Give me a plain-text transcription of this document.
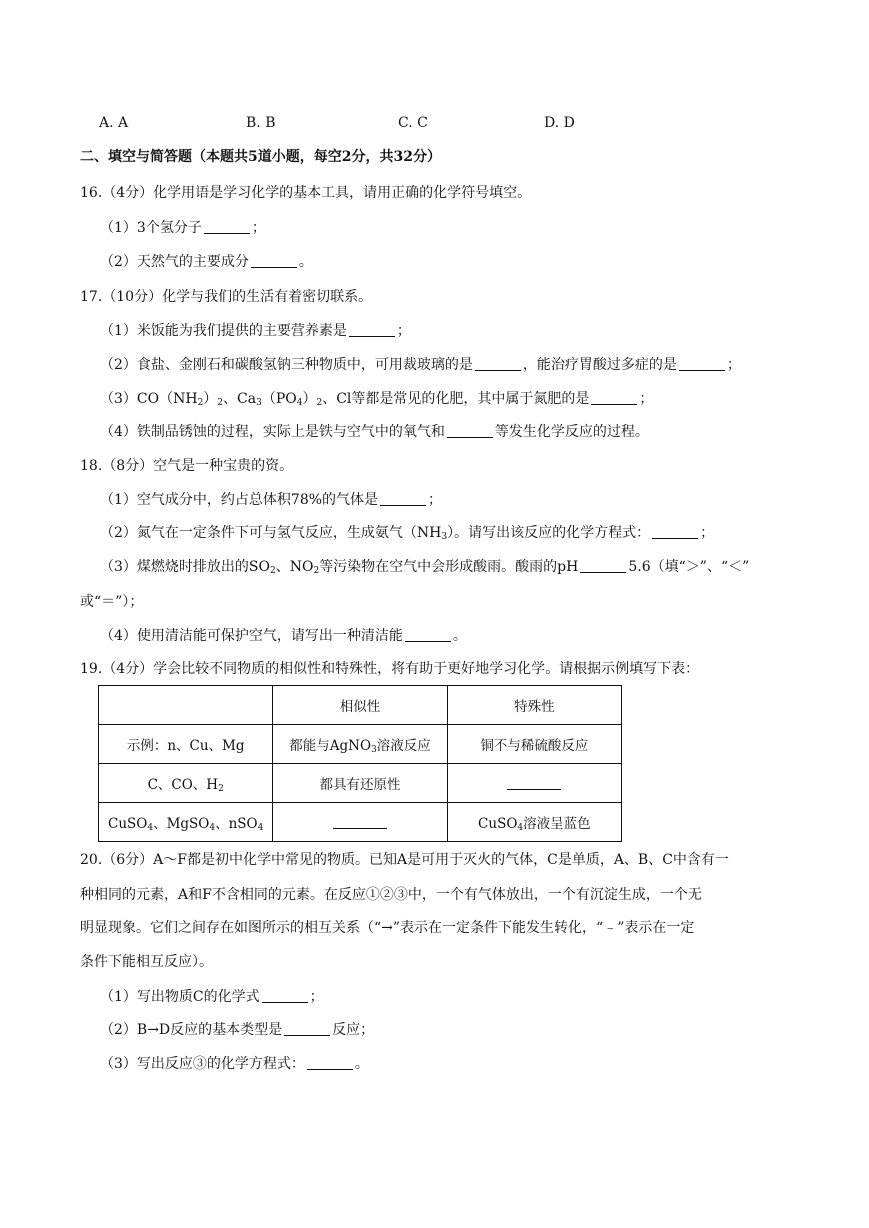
A. A	B. B	C. C	D. D
二、填空与简答题（本题共5道小题，每空2分，共32分）
16.（4分）化学用语是学习化学的基本工具，请用正确的化学符号填空。
（1）3个氢分子	；
（2）天然气的主要成分	。
17.（10分）化学与我们的生活有着密切联系。
（1）米饭能为我们提供的主要营养素是	；
（2）食盐、金刚石和碳酸氢钠三种物质中，可用裁玻璃的是	，能治疗胃酸过多症的是	；
$(3)CO(NH_2)_2$、$Ca_3(PO_4)_2$、Cl等都是常见的化肥，其中属于氮肥的是	；
（4）铁制品锈蚀的过程，实际上是铁与空气中的氧气和	等发生化学反应的过程。
18.（8分）空气是一种宝贵的资。
（1）空气成分中，约占总体积78%的气体是	；
（2）氮气在一定条件下可与氢气反应，生成氨气$(NH_3)$。请写出该反应的化学方程式：	；
（3）煤燃烧时排放出的$SO_2$、$NO_2$等污染物在空气中会形成酸雨。酸雨的pH	5.6（填“＞”、“＜”
或“＝”）；
（4）使用清洁能可保护空气，请写出一种清洁能	。
19.（4分）学会比较不同物质的相似性和特殊性，将有助于更好地学习化学。请根据示例填写下表：
	相似性	特殊性
示例：n、Cu、Mg	都能与AgNO$_3$溶液反应	铜不与稀硫酸反应
C、CO、$H_2$	都具有还原性	
CuSO$_4$、MgSO$_4$、nSO$_4$		CuSO$_4$溶液呈蓝色
20.（6分）A～F都是初中化学中常见的物质。已知A是可用于灭火的气体，C是单质，A、B、C中含有一
种相同的元素，A和F不含相同的元素。在反应①②③中，一个有气体放出，一个有沉淀生成，一个无
明显现象。它们之间存在如图所示的相互关系（“→”表示在一定条件下能发生转化，“﹣”表示在一定
条件下能相互反应）。
（1）写出物质C的化学式	；
（2）B→D反应的基本类型是	反应；
（3）写出反应③的化学方程式：	。
